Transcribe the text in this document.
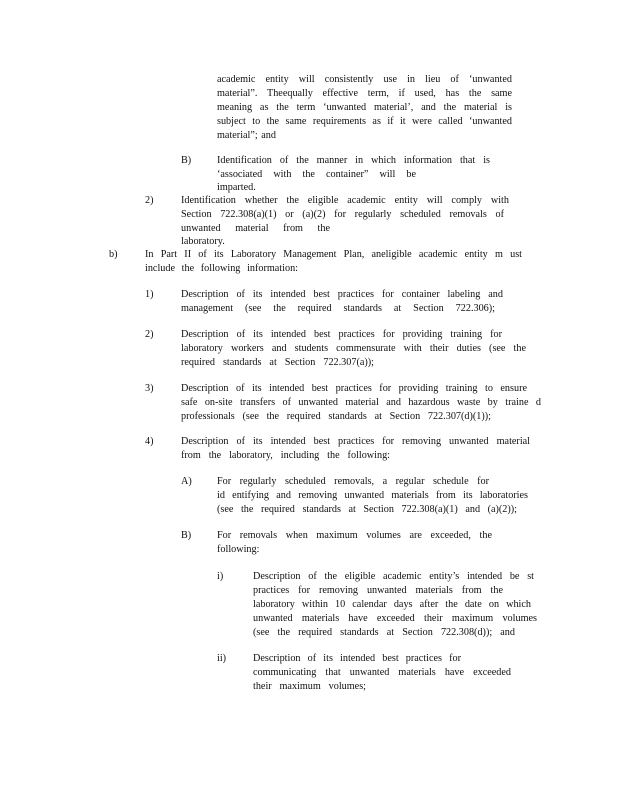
academic entity will consistently use in lieu of ‘unwanted
material”. Theequally effective term, if used, has the same
meaning as the term ‘unwanted material’, and the material is
subject to the same requirements as if it were called ‘unwanted
material”; and
B)	Identification of the manner in which information that is
‘associated with the container” will be imparted.
2)	Identification whether the eligible academic entity will comply with
Section 722.308(a)(1) or (a)(2) for regularly scheduled removals of
unwanted material from the laboratory.
b)	In Part II of its Laboratory Management Plan, aneligible academic entity m ust
include the following information:
1)	Description of its intended best practices for container labeling and
management (see the required standards at Section 722.306);
2)	Description of its intended best practices for providing training for
laboratory workers and students commensurate with their duties (see the
required standards at Section 722.307(a));
3)	Description of its intended best practices for providing training to ensure
safe on-site transfers of unwanted material and hazardous waste by traine d
professionals (see the required standards at Section 722.307(d)(1));
4)	Description of its intended best practices for removing unwanted material
from the laboratory, including the following:
A) For regularly scheduled removals, a regular schedule for
id entifying and removing unwanted materials from its laboratories
(see the required standards at Section 722.308(a)(1) and (a)(2));
B)	For removals when maximum volumes are exceeded, the
following:
i)	Description of the eligible academic entity’s intended be st
practices for removing unwanted materials from the
laboratory within 10 calendar days after the date on which
unwanted materials have exceeded their maximum volumes
(see the required standards at Section 722.308(d)); and
ii)	Description of its intended best practices for
communicating that unwanted materials have exceeded
their maximum volumes;
